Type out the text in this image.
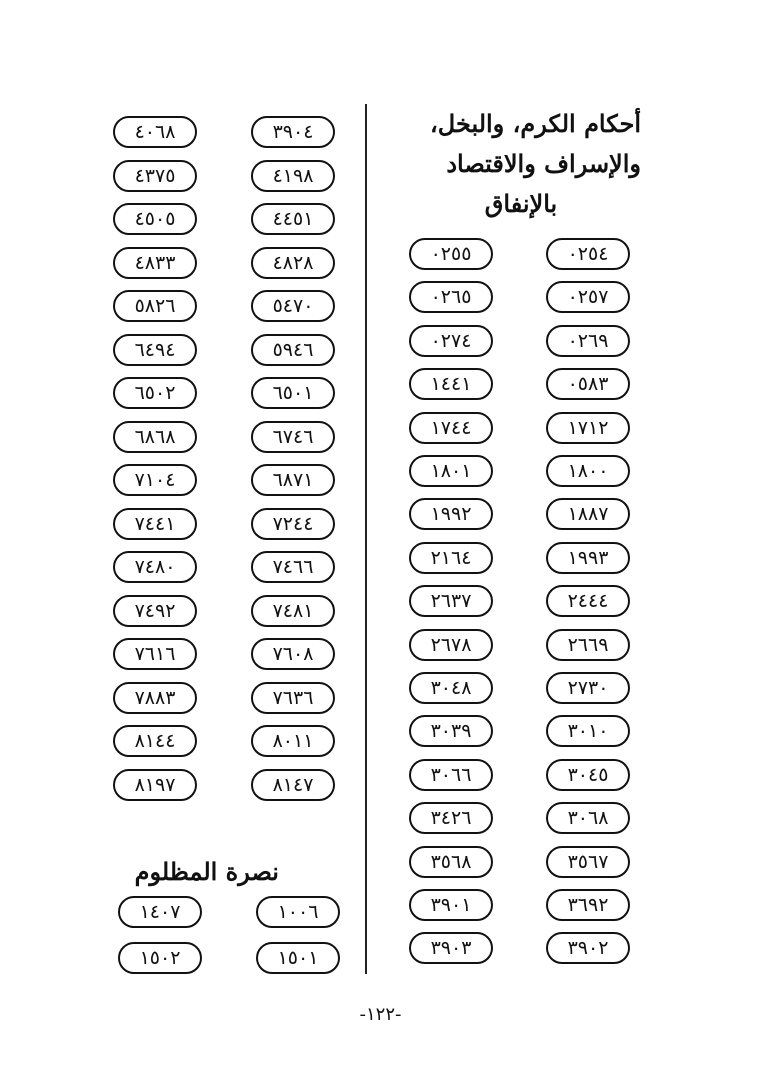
أحكام الكرم، والبخل،
والإسراف والاقتصاد
بالإنفاق
٠٢٥٤
٠٢٥٧
٠٢٦٩
٠٥٨٣
١٧١٢
١٨٠٠
١٨٨٧
١٩٩٣
٢٤٤٤
٢٦٦٩
٢٧٣٠
٣٠١٠
٣٠٤٥
٣٠٦٨
٣٥٦٧
٣٦٩٢
٣٩٠٢
٠٢٥٥
٠٢٦٥
٠٢٧٤
١٤٤١
١٧٤٤
١٨٠١
١٩٩٢
٢١٦٤
٢٦٣٧
٢٦٧٨
٣٠٤٨
٣٠٣٩
٣٠٦٦
٣٤٢٦
٣٥٦٨
٣٩٠١
٣٩٠٣
٣٩٠٤
٤١٩٨
٤٤٥١
٤٨٢٨
٥٤٧٠
٥٩٤٦
٦٥٠١
٦٧٤٦
٦٨٧١
٧٢٤٤
٧٤٦٦
٧٤٨١
٧٦٠٨
٧٦٣٦
٨٠١١
٨١٤٧
٤٠٦٨
٤٣٧٥
٤٥٠٥
٤٨٣٣
٥٨٢٦
٦٤٩٤
٦٥٠٢
٦٨٦٨
٧١٠٤
٧٤٤١
٧٤٨٠
٧٤٩٢
٧٦١٦
٧٨٨٣
٨١٤٤
٨١٩٧
نصرة المظلوم
١٠٠٦
١٥٠١
١٤٠٧
١٥٠٢
-١٢٢-
